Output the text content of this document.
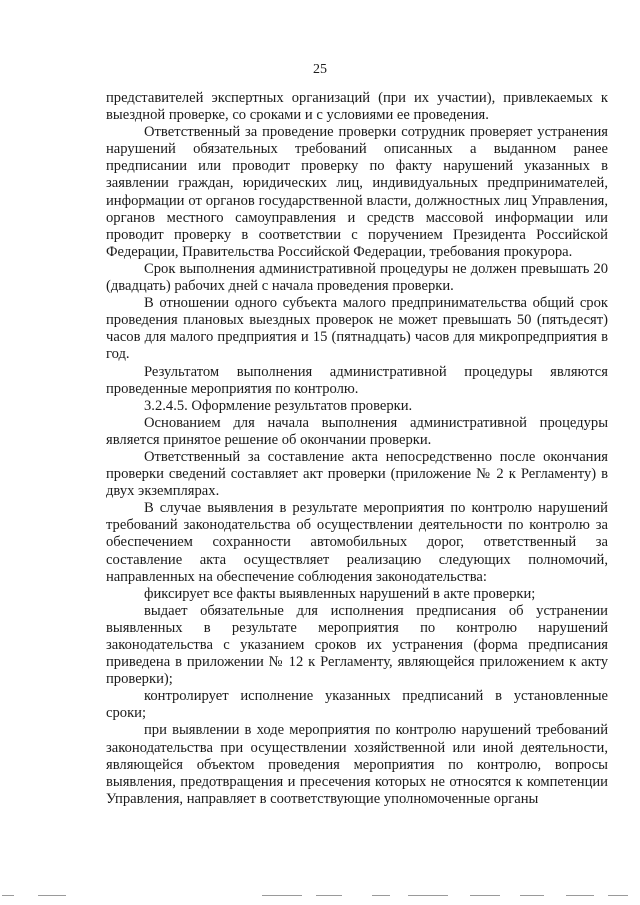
25

представителей экспертных организаций (при их участии), привлекаемых к выездной проверке, со сроками и с условиями ее проведения.

Ответственный за проведение проверки сотрудник проверяет устранения нарушений обязательных требований описанных а выданном ранее предписании или проводит проверку по факту нарушений указанных в заявлении граждан, юридических лиц, индивидуальных предпринимателей, информации от органов государственной власти, должностных лиц Управления, органов местного самоуправления и средств массовой информации или проводит проверку в соответствии с поручением Президента Российской Федерации, Правительства Российской Федерации, требования прокурора.

Срок выполнения административной процедуры не должен превышать 20 (двадцать) рабочих дней с начала проведения проверки.

В отношении одного субъекта малого предпринимательства общий срок проведения плановых выездных проверок не может превышать 50 (пятьдесят) часов для малого предприятия и 15 (пятнадцать) часов для микропредприятия в год.

Результатом выполнения административной процедуры являются проведенные мероприятия по контролю.

3.2.4.5. Оформление результатов проверки.

Основанием для начала выполнения административной процедуры является принятое решение об окончании проверки.

Ответственный за составление акта непосредственно после окончания проверки сведений составляет акт проверки (приложение № 2 к Регламенту) в двух экземплярах.

В случае выявления в результате мероприятия по контролю нарушений требований законодательства об осуществлении деятельности по контролю за обеспечением сохранности автомобильных дорог, ответственный за составление акта осуществляет реализацию следующих полномочий, направленных на обеспечение соблюдения законодательства:

фиксирует все факты выявленных нарушений в акте проверки;

выдает обязательные для исполнения предписания об устранении выявленных в результате мероприятия по контролю нарушений законодательства с указанием сроков их устранения (форма предписания приведена в приложении № 12 к Регламенту, являющейся приложением к акту проверки);

контролирует исполнение указанных предписаний в установленные сроки;

при выявлении в ходе мероприятия по контролю нарушений требований законодательства при осуществлении хозяйственной или иной деятельности, являющейся объектом проведения мероприятия по контролю, вопросы выявления, предотвращения и пресечения которых не относятся к компетенции Управления, направляет в соответствующие уполномоченные органы
